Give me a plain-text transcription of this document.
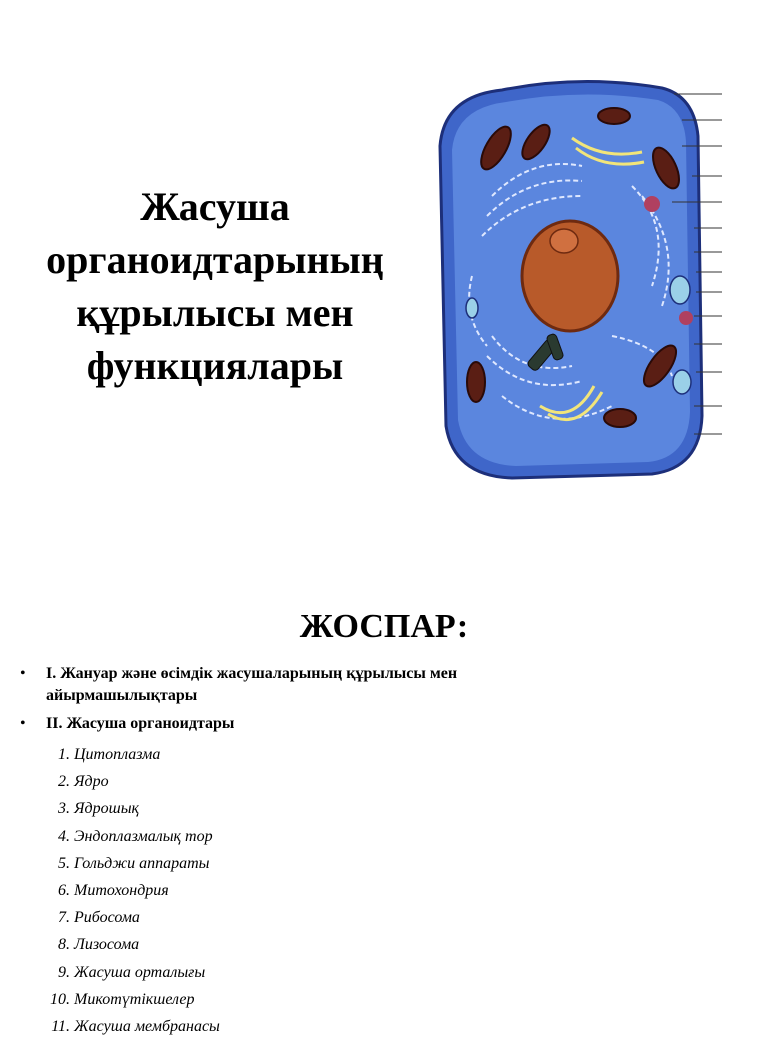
Жасуша
органоидтарының
құрылысы мен
функциялары
ЖОСПАР:
• I. Жануар және өсімдік жасушаларының құрылысы мен
айырмашылықтары
• II. Жасуша органоидтары
1. Цитоплазма
2. Ядро
3. Ядрошық
4. Эндоплазмалық тор
5. Гольджи аппараты
6. Митохондрия
7. Рибосома
8. Лизосома
9. Жасуша орталығы
10. Микотүтікшелер
11. Жасуша мембранасы
